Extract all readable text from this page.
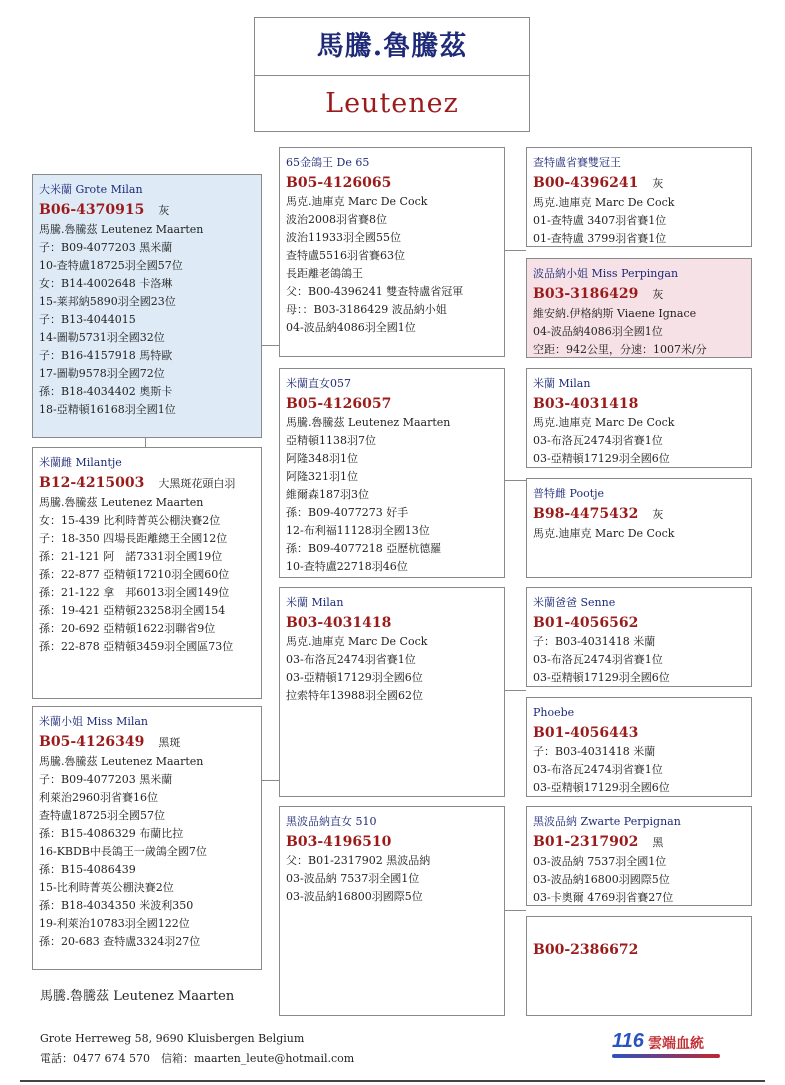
馬騰.魯騰茲
Leutenez
大米蘭 Grote Milan
B06-4370915 灰
馬騰.魯騰茲 Leutenez Maarten
子：B09-4077203 黑米蘭
10-查特盧18725羽全國57位
女：B14-4002648 卡洛琳
15-莱邦納5890羽全國23位
子：B13-4044015
14-圖勒5731羽全國32位
子：B16-4157918 馬特歐
17-圖勒9578羽全國72位
孫：B18-4034402 奧斯卡
18-亞精頓16168羽全國1位
米蘭雌 Milantje
B12-4215003 大黑斑花頭白羽
馬騰.魯騰茲 Leutenez Maarten
女：15-439 比利時菁英公棚決賽2位
子：18-350 四場長距離總王全國12位
孫：21-121 阿　諾7331羽全國19位
孫：22-877 亞精頓17210羽全國60位
孫：21-122 拿　邦6013羽全國149位
孫：19-421 亞精頓23258羽全國154
孫：20-692 亞精頓1622羽聯省9位
孫：22-878 亞精頓3459羽全國區73位
米蘭小姐 Miss Milan
B05-4126349 黑斑
馬騰.魯騰茲 Leutenez Maarten
子：B09-4077203 黑米蘭
利萊治2960羽省賽16位
查特盧18725羽全國57位
孫：B15-4086329 布蘭比拉
16-KBDB中長鴿王一歲鴿全國7位
孫：B15-4086439
15-比利時菁英公棚決賽2位
孫：B18-4034350 米波利350
19-利萊治10783羽全國122位
孫：20-683 查特盧3324羽27位
65金鴿王 De 65
B05-4126065
馬克.迪庫克 Marc De Cock
波治2008羽省賽8位
波治11933羽全國55位
查特盧5516羽省賽63位
長距離老鴿鴿王
父：B00-4396241 雙查特盧省冠軍
母：：B03-3186429 波品納小姐
04-波品納4086羽全國1位
米蘭直女057
B05-4126057
馬騰.魯騰茲 Leutenez Maarten
亞精頓1138羽7位
阿隆348羽1位
阿隆321羽1位
維爾森187羽3位
孫：B09-4077273 好手
12-布利福11128羽全國13位
孫：B09-4077218 亞歷杭德羅
10-查特盧22718羽46位
米蘭 Milan
B03-4031418
馬克.迪庫克 Marc De Cock
03-布洛瓦2474羽省賽1位
03-亞精頓17129羽全國6位
拉索特年13988羽全國62位
黑波品納直女 510
B03-4196510
父：B01-2317902 黑波品納
03-波品納 7537羽全國1位
03-波品納16800羽國際5位
查特盧省賽雙冠王
B00-4396241 灰
馬克.迪庫克 Marc De Cock
01-查特盧 3407羽省賽1位
01-查特盧 3799羽省賽1位
波品納小姐 Miss Perpingan
B03-3186429 灰
維安納.伊格納斯 Viaene Ignace
04-波品納4086羽全國1位
空距：942公里，分速：1007米/分
米蘭 Milan
B03-4031418
馬克.迪庫克 Marc De Cock
03-布洛瓦2474羽省賽1位
03-亞精頓17129羽全國6位
普特雌 Pootje
B98-4475432 灰
馬克.迪庫克 Marc De Cock
米蘭爸爸 Senne
B01-4056562
子：B03-4031418 米蘭
03-布洛瓦2474羽省賽1位
03-亞精頓17129羽全國6位
Phoebe
B01-4056443
子：B03-4031418 米蘭
03-布洛瓦2474羽省賽1位
03-亞精頓17129羽全國6位
黑波品納 Zwarte Perpignan
B01-2317902 黑
03-波品納 7537羽全國1位
03-波品納16800羽國際5位
03-卡奧爾 4769羽省賽27位
B00-2386672
馬騰.魯騰茲 Leutenez Maarten
Grote Herreweg 58, 9690 Kluisbergen Belgium
電話：0477 674 570　信箱：maarten_leute@hotmail.com
116 雲端血統
